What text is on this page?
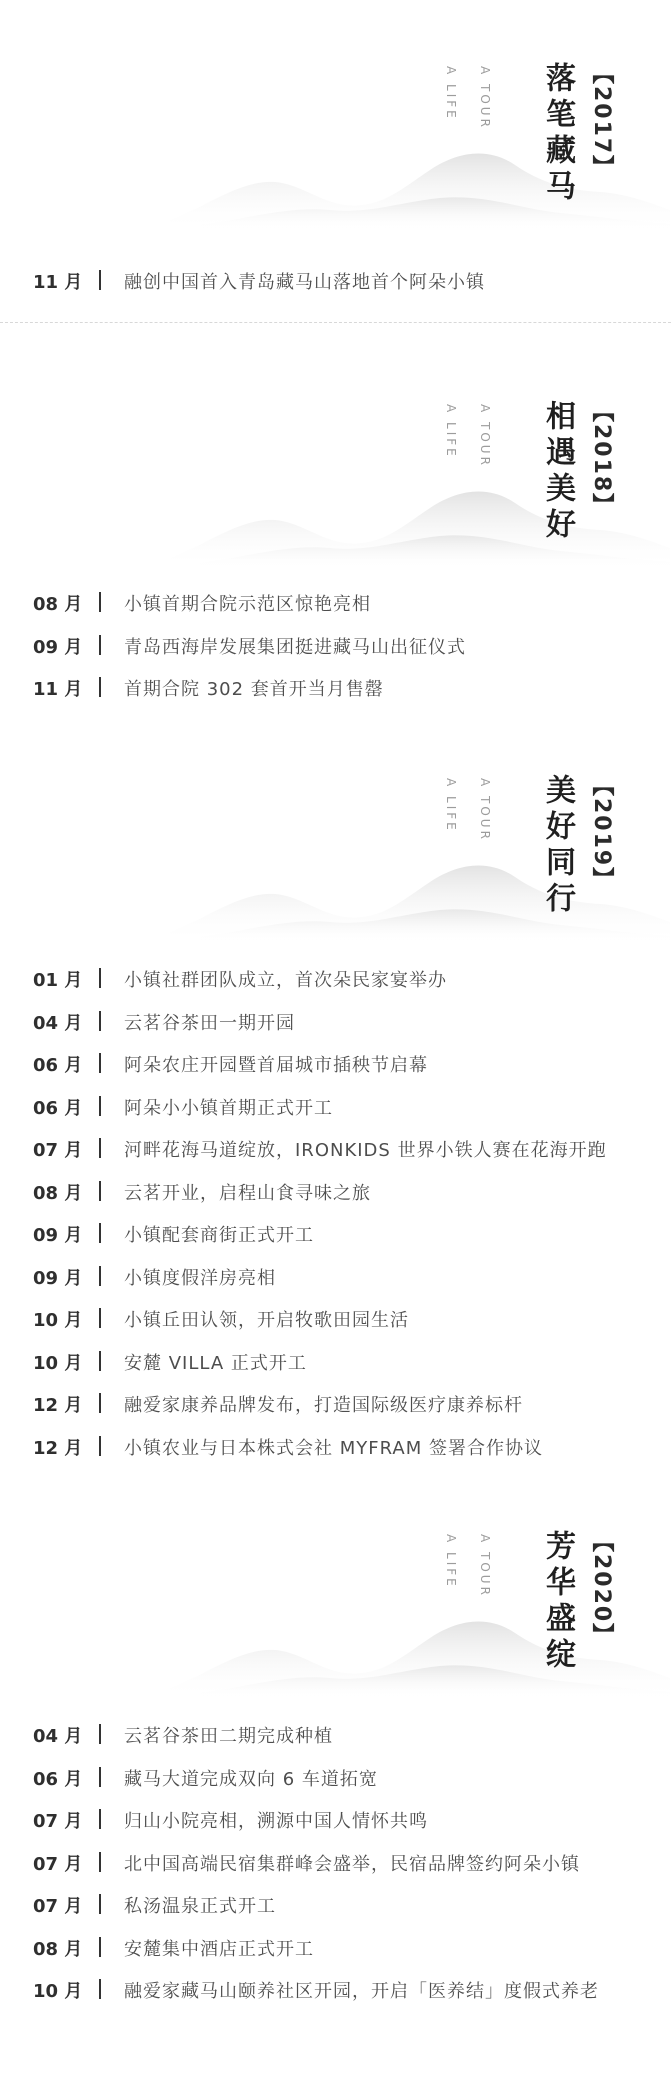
A LIFE A TOUR 落笔藏马 【2017】
11 月 融创中国首入青岛藏马山落地首个阿朵小镇
A LIFE A TOUR 相遇美好 【2018】
08 月 小镇首期合院示范区惊艳亮相
09 月 青岛西海岸发展集团挺进藏马山出征仪式
11 月 首期合院 302 套首开当月售罄
A LIFE A TOUR 美好同行 【2019】
01 月 小镇社群团队成立，首次朵民家宴举办
04 月 云茗谷茶田一期开园
06 月 阿朵农庄开园暨首届城市插秧节启幕
06 月 阿朵小小镇首期正式开工
07 月 河畔花海马道绽放，IRONKIDS 世界小铁人赛在花海开跑
08 月 云茗开业，启程山食寻味之旅
09 月 小镇配套商街正式开工
09 月 小镇度假洋房亮相
10 月 小镇丘田认领，开启牧歌田园生活
10 月 安麓 VILLA 正式开工
12 月 融爱家康养品牌发布，打造国际级医疗康养标杆
12 月 小镇农业与日本株式会社 MYFRAM 签署合作协议
A LIFE A TOUR 芳华盛绽 【2020】
04 月 云茗谷茶田二期完成种植
06 月 藏马大道完成双向 6 车道拓宽
07 月 归山小院亮相，溯源中国人情怀共鸣
07 月 北中国高端民宿集群峰会盛举，民宿品牌签约阿朵小镇
07 月 私汤温泉正式开工
08 月 安麓集中酒店正式开工
10 月 融爱家藏马山颐养社区开园，开启「医养结」度假式养老
